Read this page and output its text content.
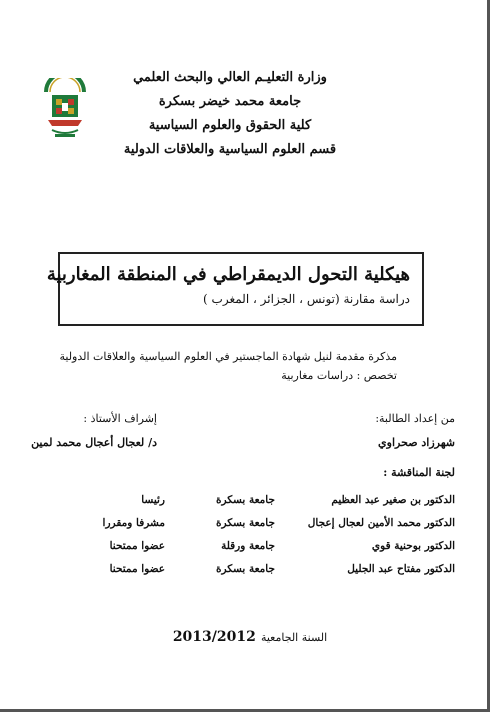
وزارة التعليـم العالي والبحث العلمي
جامعة محمد خيضر بسكرة
كلية الحقوق والعلوم السياسية
قسم العلوم السياسية والعلاقات الدولية
هيكلية التحول الديمقراطي في المنطقة المغاربية
دراسة مقارنة (تونس ، الجزائر ، المغرب )
مذكرة مقدمة لنيل شهادة الماجستير في العلوم السياسية والعلاقات الدولية
تخصص : دراسات مغاربية
من إعداد الطالبة:
شهرزاد صحراوي
إشراف الأستاذ :
د/ لعجال أعجال محمد لمين
لجنة المناقشة :
الدكتور بن صغير عبد العظيم
جامعة بسكرة
رئيسا
الدكتور محمد الأمين لعجال إعجال
جامعة بسكرة
مشرفا ومقررا
الدكتور بوحنية قوي
جامعة ورقلة
عضوا ممتحنا
الدكتور مفتاح عبد الجليل
جامعة بسكرة
عضوا ممتحنا
السنة الجامعية 2013/2012
